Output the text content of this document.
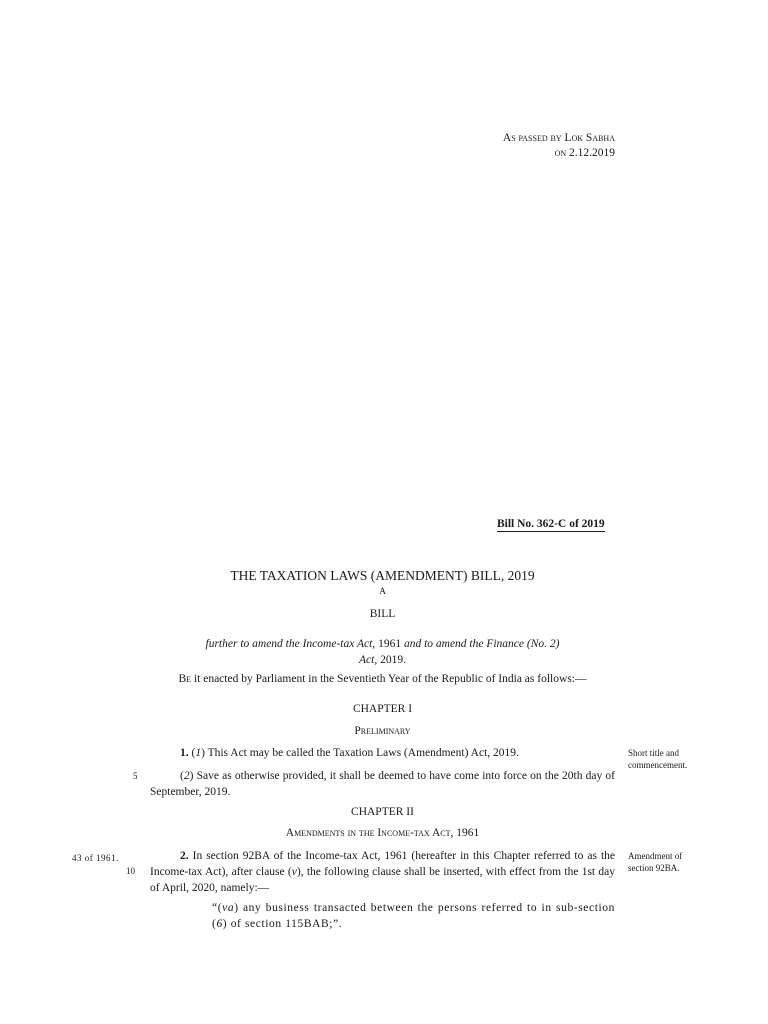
As passed by Lok Sabha
on 2.12.2019
Bill No. 362-C of 2019
THE TAXATION LAWS (AMENDMENT) BILL, 2019
A
BILL
further to amend the Income-tax Act, 1961 and to amend the Finance (No. 2)
Act, 2019.
Be it enacted by Parliament in the Seventieth Year of the Republic of India as follows:—
CHAPTER I
Preliminary
1. (1) This Act may be called the Taxation Laws (Amendment) Act, 2019.	Short title and commencement.
5	(2) Save as otherwise provided, it shall be deemed to have come into force on the 20th day of September, 2019.
CHAPTER II
Amendments in the Income-tax Act, 1961
43 of 1961.
10
2. In section 92BA of the Income-tax Act, 1961 (hereafter in this Chapter referred to as the Income-tax Act), after clause (v), the following clause shall be inserted, with effect from the 1st day of April, 2020, namely:—
Amendment of section 92BA.
“(va) any business transacted between the persons referred to in sub-section (6) of section 115BAB;”.
